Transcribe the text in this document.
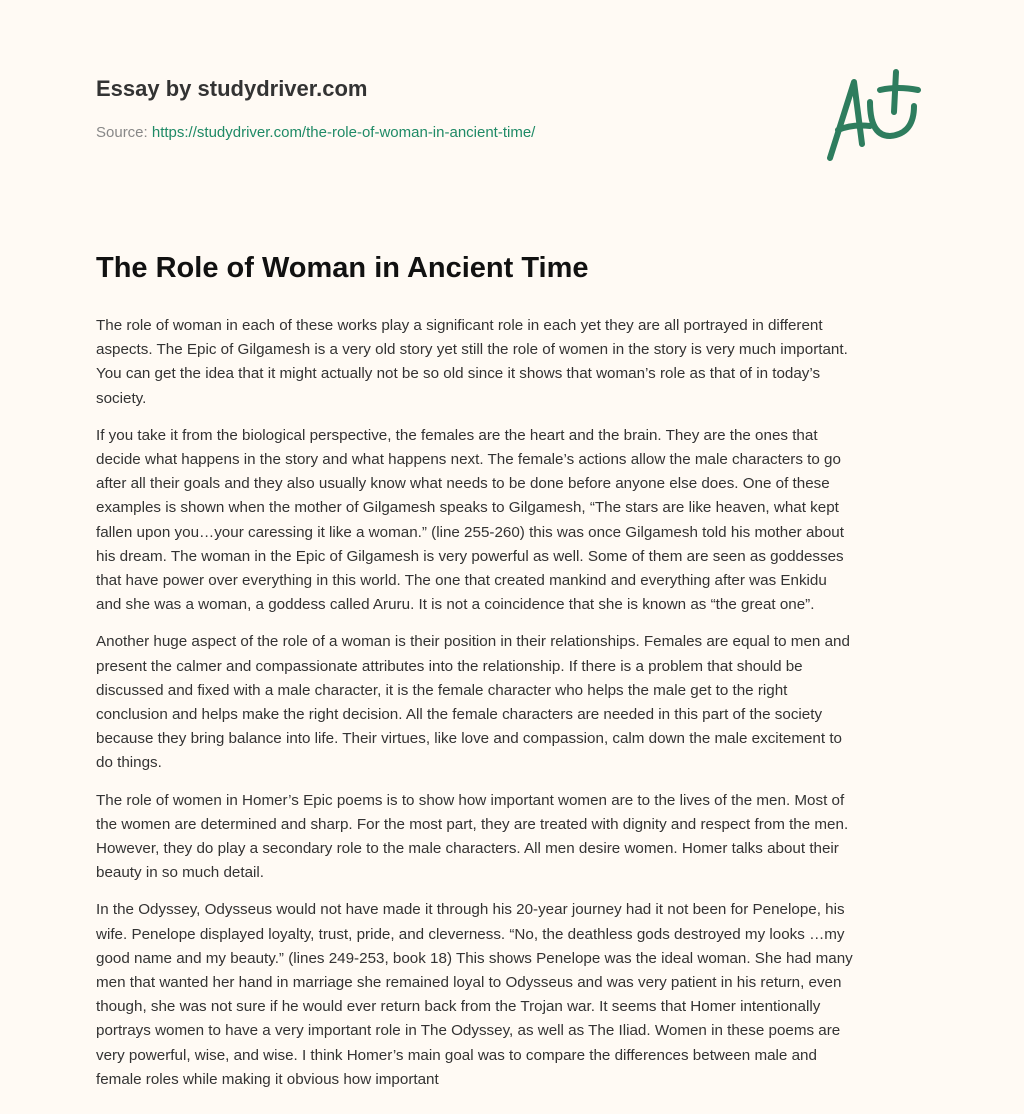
Essay by studydriver.com
Source: https://studydriver.com/the-role-of-woman-in-ancient-time/
The Role of Woman in Ancient Time

The role of woman in each of these works play a significant role in each yet they are all portrayed in different
aspects. The Epic of Gilgamesh is a very old story yet still the role of women in the story is very much important.
You can get the idea that it might actually not be so old since it shows that woman’s role as that of in today’s
society.

If you take it from the biological perspective, the females are the heart and the brain. They are the ones that
decide what happens in the story and what happens next. The female’s actions allow the male characters to go
after all their goals and they also usually know what needs to be done before anyone else does. One of these
examples is shown when the mother of Gilgamesh speaks to Gilgamesh, “The stars are like heaven, what kept
fallen upon you…your caressing it like a woman.” (line 255-260) this was once Gilgamesh told his mother about
his dream. The woman in the Epic of Gilgamesh is very powerful as well. Some of them are seen as goddesses
that have power over everything in this world. The one that created mankind and everything after was Enkidu
and she was a woman, a goddess called Aruru. It is not a coincidence that she is known as “the great one”.

Another huge aspect of the role of a woman is their position in their relationships. Females are equal to men and
present the calmer and compassionate attributes into the relationship. If there is a problem that should be
discussed and fixed with a male character, it is the female character who helps the male get to the right
conclusion and helps make the right decision. All the female characters are needed in this part of the society
because they bring balance into life. Their virtues, like love and compassion, calm down the male excitement to
do things.

The role of women in Homer’s Epic poems is to show how important women are to the lives of the men. Most of
the women are determined and sharp. For the most part, they are treated with dignity and respect from the men.
However, they do play a secondary role to the male characters. All men desire women. Homer talks about their
beauty in so much detail.

In the Odyssey, Odysseus would not have made it through his 20-year journey had it not been for Penelope, his
wife. Penelope displayed loyalty, trust, pride, and cleverness. “No, the deathless gods destroyed my looks …my
good name and my beauty.” (lines 249-253, book 18) This shows Penelope was the ideal woman. She had many
men that wanted her hand in marriage she remained loyal to Odysseus and was very patient in his return, even
though, she was not sure if he would ever return back from the Trojan war. It seems that Homer intentionally
portrays women to have a very important role in The Odyssey, as well as The Iliad. Women in these poems are
very powerful, wise, and wise. I think Homer’s main goal was to compare the differences between male and
female roles while making it obvious how important
